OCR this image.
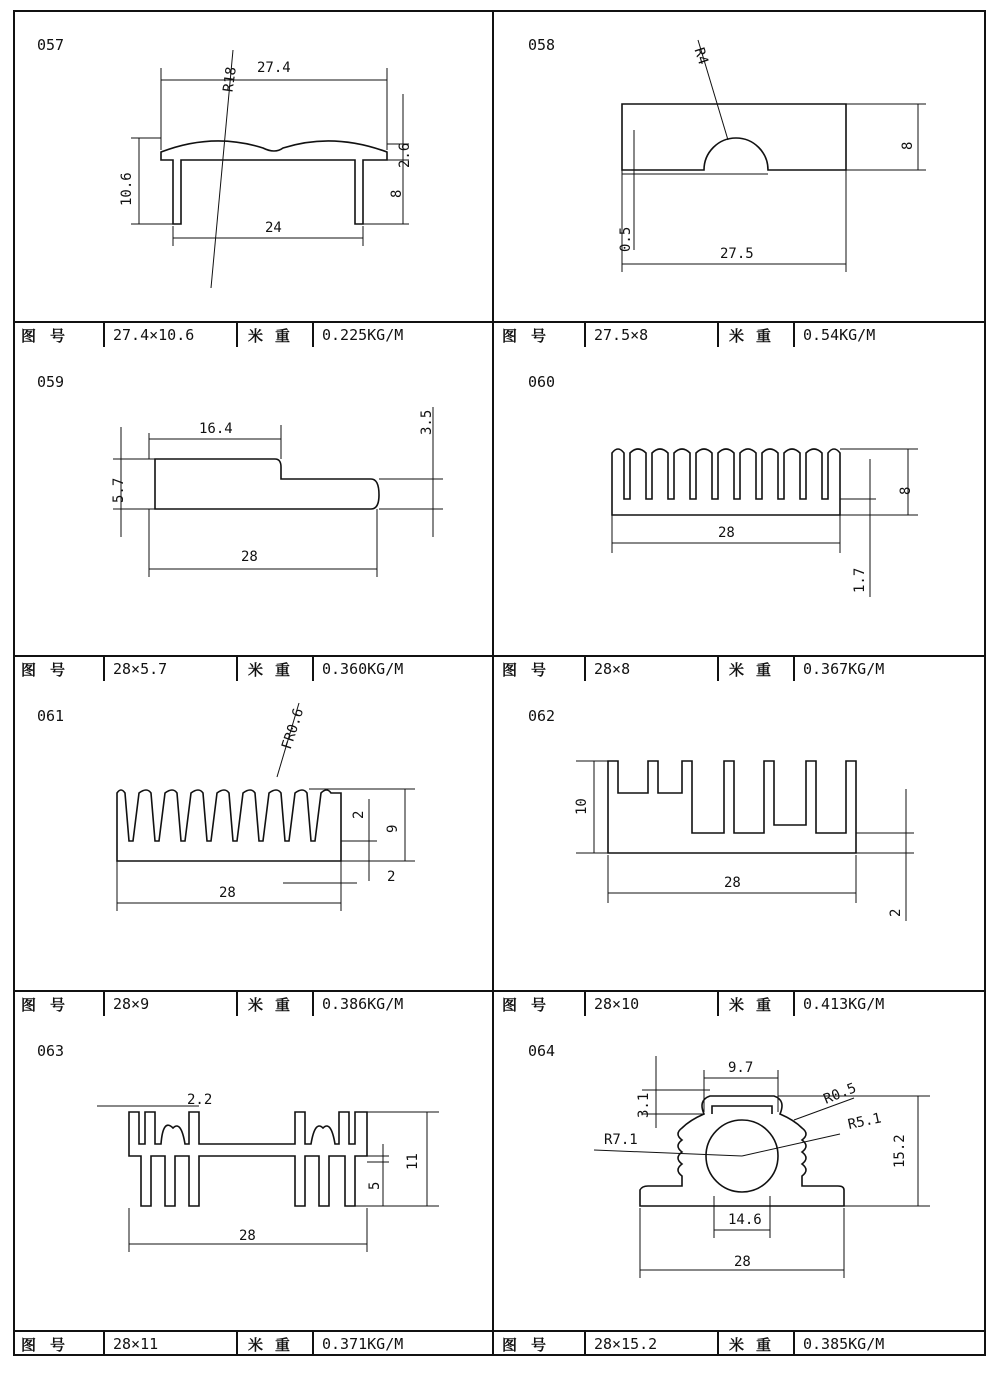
057
27.4
R18
10.6
2.6
8
24
图号	27.4×10.6	米重	0.225KG/M
058
R4
8
0.5
27.5
图号	27.5×8	米重	0.54KG/M
059
16.4	3.5
5.7
28
图号	28×5.7	米重	0.360KG/M
060
8
28
1.7
图号	28×8	米重	0.367KG/M
061	FR0.6
2
9
28
2
图号	28×9	米重	0.386KG/M
062
10
28
2
图号	28×10	米重	0.413KG/M
063
2.2
11
5
28
图号	28×11	米重	0.371KG/M
064
9.7
3.1	R0.5
R5.1
R7.1	15.2
14.6
28
图号	28×15.2	米重	0.385KG/M
